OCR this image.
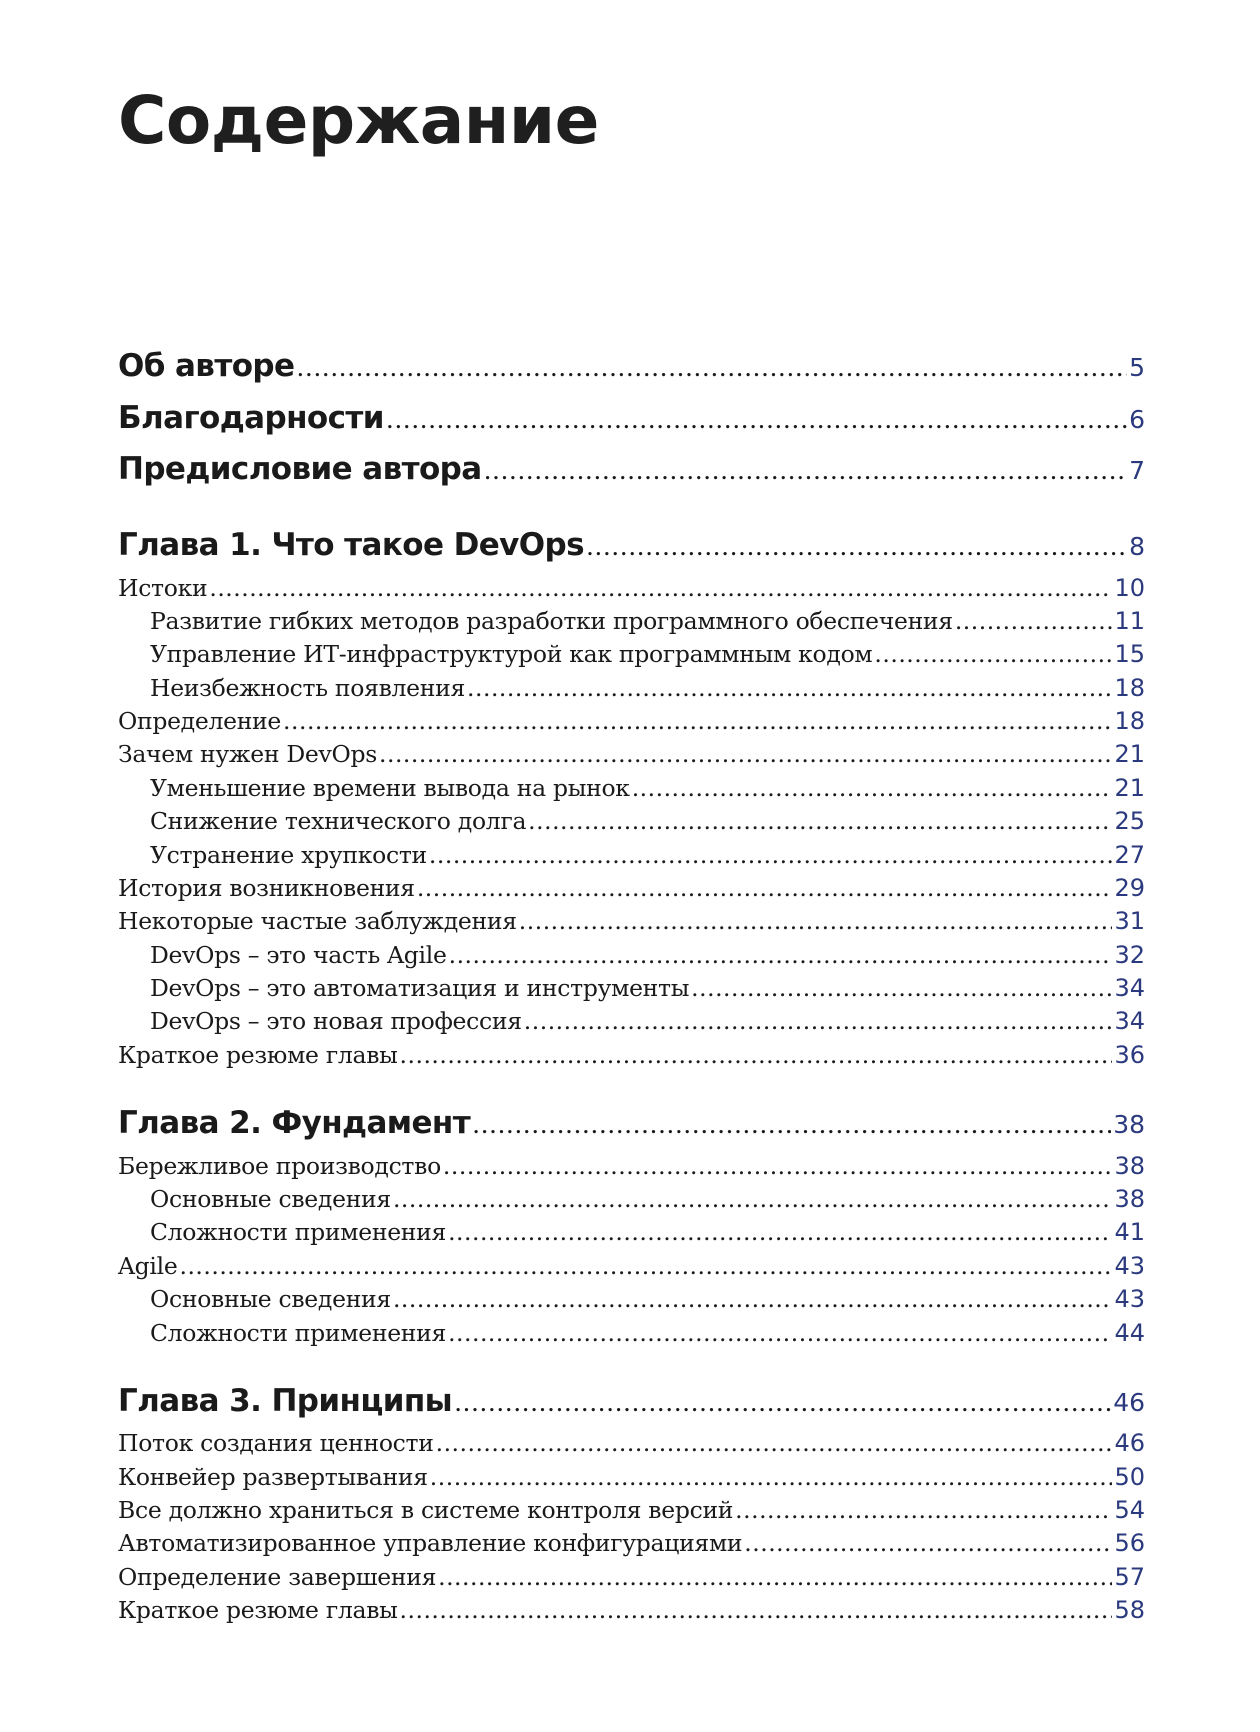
Содержание
Об авторе .....	5
Благодарности .....	6
Предисловие автора .....	7
Глава 1. Что такое DevOps .....	8
Истоки .....	10
Развитие гибких методов разработки программного обеспечения .....	11
Управление ИТ-инфраструктурой как программным кодом .....	15
Неизбежность появления .....	18
Определение .....	18
Зачем нужен DevOps .....	21
Уменьшение времени вывода на рынок .....	21
Снижение технического долга .....	25
Устранение хрупкости .....	27
История возникновения .....	29
Некоторые частые заблуждения .....	31
DevOps – это часть Agile .....	32
DevOps – это автоматизация и инструменты .....	34
DevOps – это новая профессия .....	34
Краткое резюме главы .....	36
Глава 2. Фундамент .....	38
Бережливое производство .....	38
Основные сведения .....	38
Сложности применения .....	41
Agile .....	43
Основные сведения .....	43
Сложности применения .....	44
Глава 3. Принципы .....	46
Поток создания ценности .....	46
Конвейер развертывания .....	50
Все должно храниться в системе контроля версий .....	54
Автоматизированное управление конфигурациями .....	56
Определение завершения .....	57
Краткое резюме главы .....	58
